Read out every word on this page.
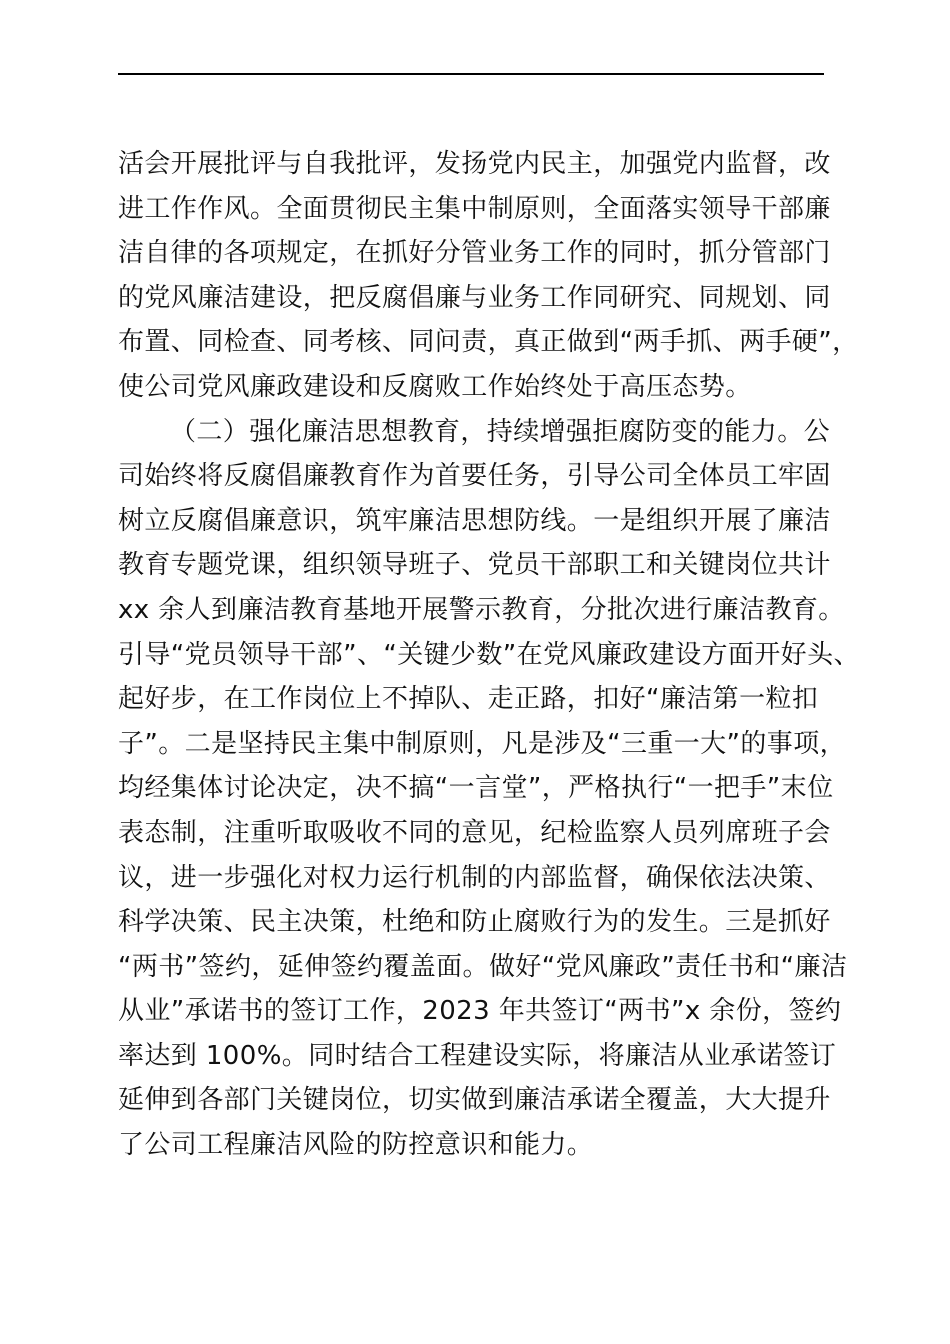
活会开展批评与自我批评，发扬党内民主，加强党内监督，改
进工作作风。全面贯彻民主集中制原则，全面落实领导干部廉
洁自律的各项规定，在抓好分管业务工作的同时，抓分管部门
的党风廉洁建设，把反腐倡廉与业务工作同研究、同规划、同
布置、同检查、同考核、同问责，真正做到“两手抓、两手硬”，
使公司党风廉政建设和反腐败工作始终处于高压态势。
（二）强化廉洁思想教育，持续增强拒腐防变的能力。公
司始终将反腐倡廉教育作为首要任务，引导公司全体员工牢固
树立反腐倡廉意识，筑牢廉洁思想防线。一是组织开展了廉洁
教育专题党课，组织领导班子、党员干部职工和关键岗位共计
xx 余人到廉洁教育基地开展警示教育，分批次进行廉洁教育。
引导“党员领导干部”、“关键少数”在党风廉政建设方面开好头、
起好步，在工作岗位上不掉队、走正路，扣好“廉洁第一粒扣
子”。二是坚持民主集中制原则，凡是涉及“三重一大”的事项，
均经集体讨论决定，决不搞“一言堂”，严格执行“一把手”末位
表态制，注重听取吸收不同的意见，纪检监察人员列席班子会
议，进一步强化对权力运行机制的内部监督，确保依法决策、
科学决策、民主决策，杜绝和防止腐败行为的发生。三是抓好
“两书”签约，延伸签约覆盖面。做好“党风廉政”责任书和“廉洁
从业”承诺书的签订工作，2023 年共签订“两书”x 余份，签约
率达到 100%。同时结合工程建设实际，将廉洁从业承诺签订
延伸到各部门关键岗位，切实做到廉洁承诺全覆盖，大大提升
了公司工程廉洁风险的防控意识和能力。
